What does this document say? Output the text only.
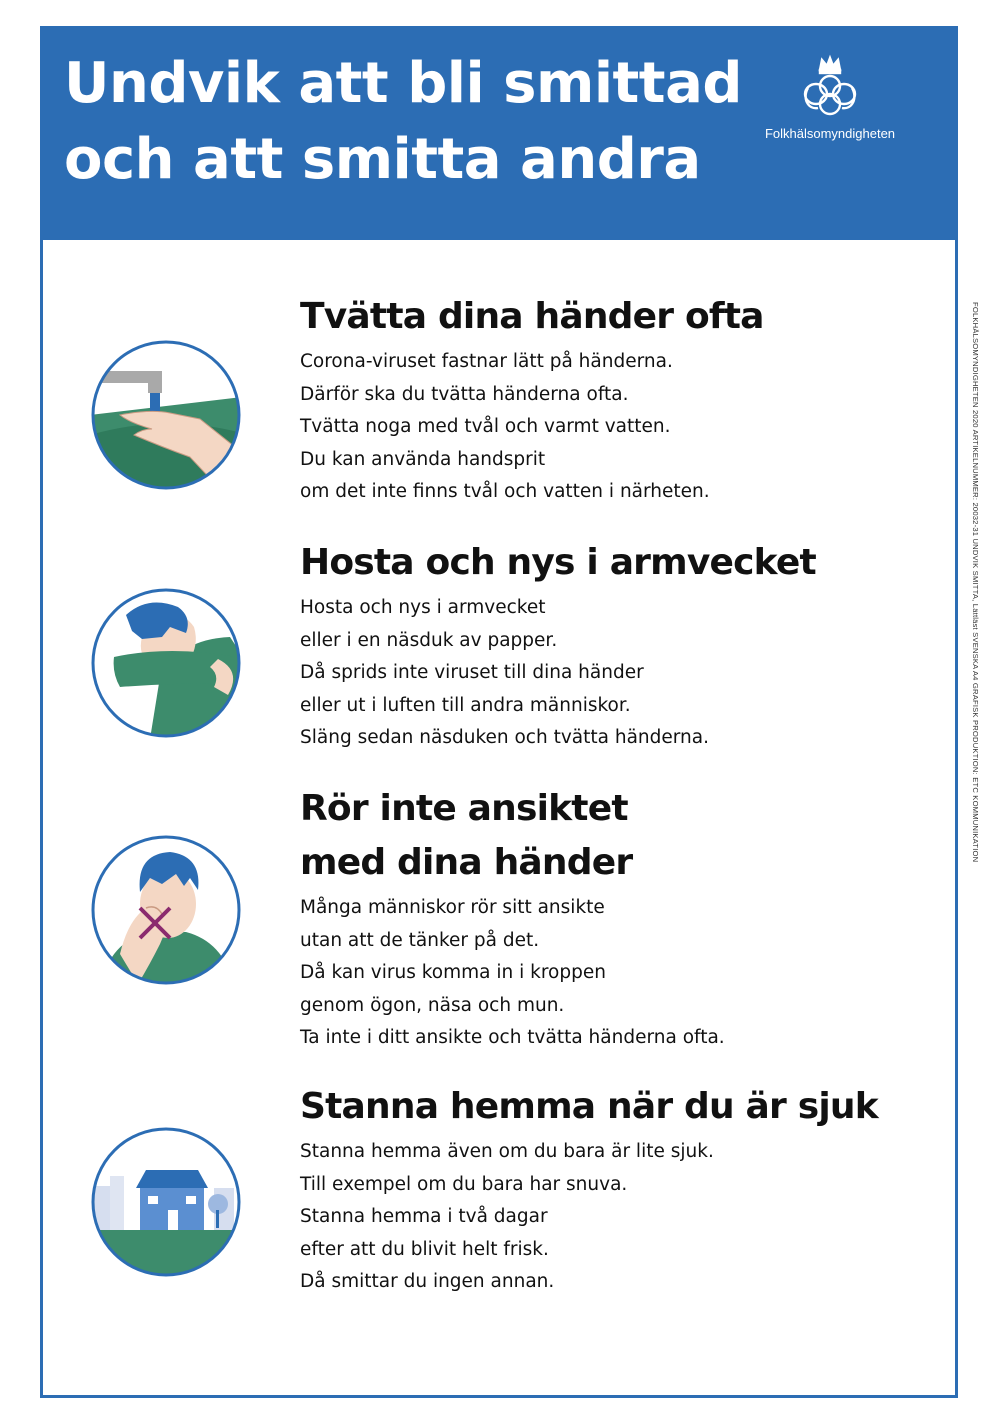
Undvik att bli smittad
och att smitta andra	Folkhälsomyndigheten
FOLKHÄLSOMYNDIGHETEN 2020 ARTIKELNUMMER: 20032-31 UNDVIK SMITTA, Lättläst SVENSKA A4 GRAFISK PRODUKTION: ETC KOMMUNIKATION
Tvätta dina händer ofta

Corona-viruset fastnar lätt på händerna.
Därför ska du tvätta händerna ofta.
Tvätta noga med tvål och varmt vatten.
Du kan använda handsprit
om det inte finns tvål och vatten i närheten.

Hosta och nys i armvecket

Hosta och nys i armvecket
eller i en näsduk av papper.
Då sprids inte viruset till dina händer
eller ut i luften till andra människor.
Släng sedan näsduken och tvätta händerna.

Rör inte ansiktet
med dina händer

Många människor rör sitt ansikte
utan att de tänker på det.
Då kan virus komma in i kroppen
genom ögon, näsa och mun.
Ta inte i ditt ansikte och tvätta händerna ofta.

Stanna hemma när du är sjuk

Stanna hemma även om du bara är lite sjuk.
Till exempel om du bara har snuva.
Stanna hemma i två dagar
efter att du blivit helt frisk.
Då smittar du ingen annan.
